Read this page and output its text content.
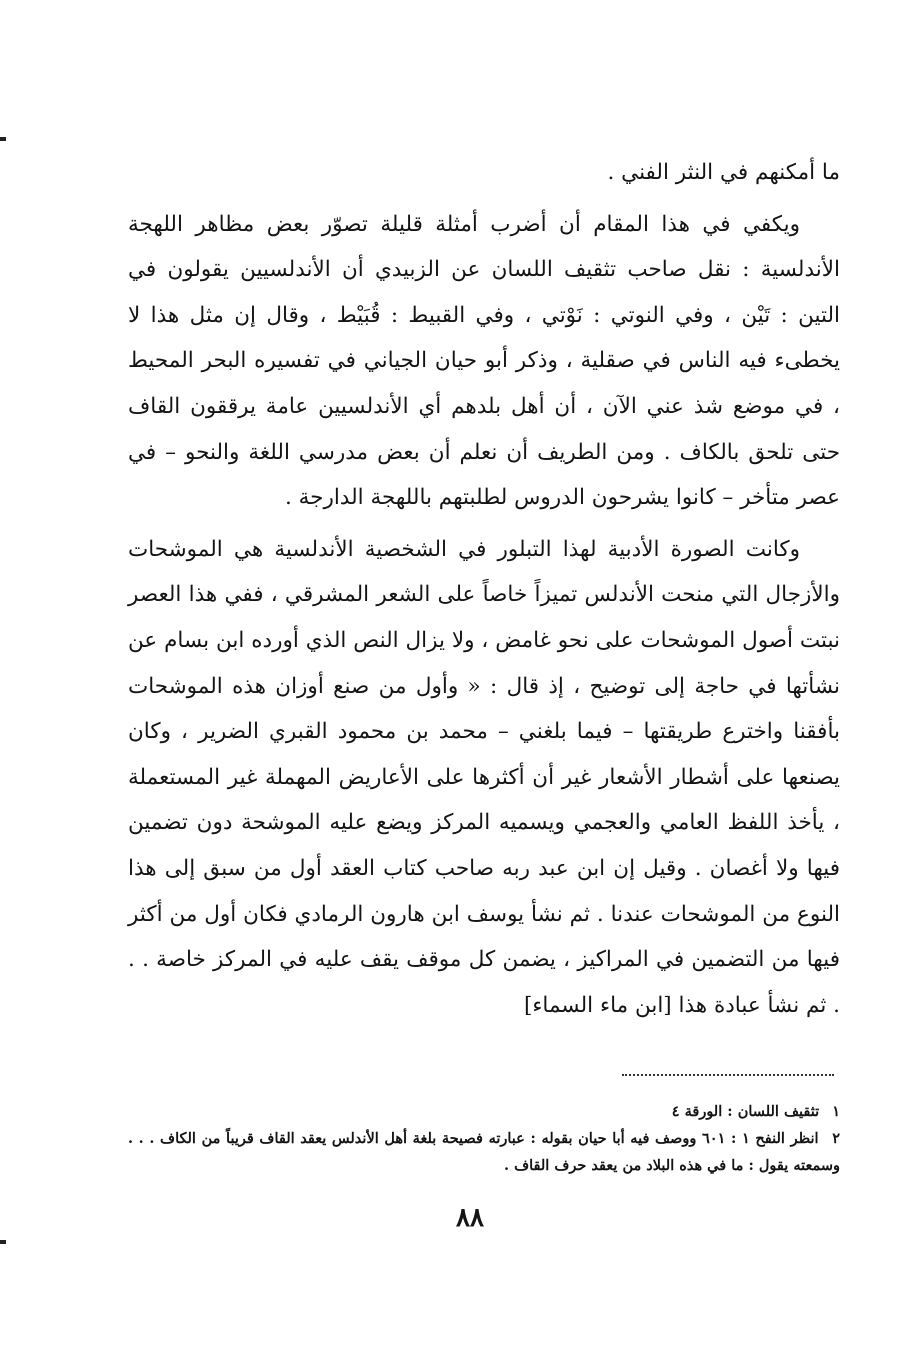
ما أمكنهم في النثر الفني .

ويكفي في هذا المقام أن أضرب أمثلة قليلة تصوّر بعض مظاهر اللهجة الأندلسية : نقل صاحب تثقيف اللسان عن الزبيدي أن الأندلسيين يقولون في التين : تَيْن ، وفي النوتي : نَوْتي ، وفي القبيط : قُبَيْط ، وقال إن مثل هذا لا يخطىء فيه الناس في صقلية ، وذكر أبو حيان الجياني في تفسيره البحر المحيط ، في موضع شذ عني الآن ، أن أهل بلدهم أي الأندلسيين عامة يرققون القاف حتى تلحق بالكاف . ومن الطريف أن نعلم أن بعض مدرسي اللغة والنحو – في عصر متأخر – كانوا يشرحون الدروس لطلبتهم باللهجة الدارجة .

وكانت الصورة الأدبية لهذا التبلور في الشخصية الأندلسية هي الموشحات والأزجال التي منحت الأندلس تميزاً خاصاً على الشعر المشرقي ، ففي هذا العصر نبتت أصول الموشحات على نحو غامض ، ولا يزال النص الذي أورده ابن بسام عن نشأتها في حاجة إلى توضيح ، إذ قال : « وأول من صنع أوزان هذه الموشحات بأفقنا واخترع طريقتها – فيما بلغني – محمد بن محمود القبري الضرير ، وكان يصنعها على أشطار الأشعار غير أن أكثرها على الأعاريض المهملة غير المستعملة ، يأخذ اللفظ العامي والعجمي ويسميه المركز ويضع عليه الموشحة دون تضمين فيها ولا أغصان . وقيل إن ابن عبد ربه صاحب كتاب العقد أول من سبق إلى هذا النوع من الموشحات عندنا . ثم نشأ يوسف ابن هارون الرمادي فكان أول من أكثر فيها من التضمين في المراكيز ، يضمن كل موقف يقف عليه في المركز خاصة . . . ثم نشأ عبادة هذا [ابن ماء السماء]

١ تثقيف اللسان : الورقة ٤

٢ انظر النفح ١ : ٦٠١ ووصف فيه أبا حيان بقوله : عبارته فصيحة بلغة أهل الأندلس يعقد القاف قريباً من الكاف . . . وسمعته يقول : ما في هذه البلاد من يعقد حرف القاف .

٨٨
